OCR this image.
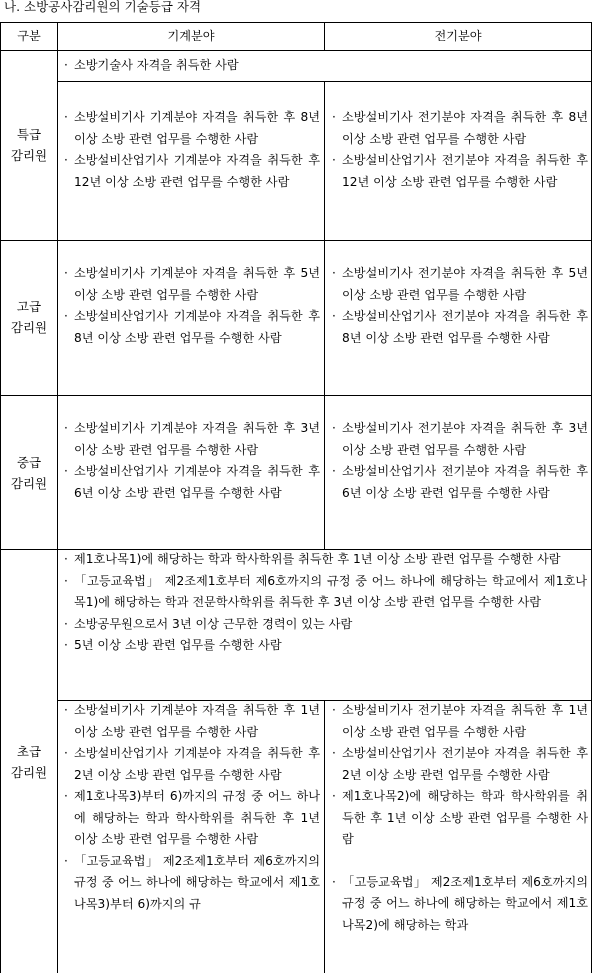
나. 소방공사감리원의 기술등급 자격
구분	기계분야	전기분야
특급
감리원
· 소방기술사 자격을 취득한 사람
· 소방설비기사 기계분야 자격을 취득한 후 8년 이상 소방 관련 업무를 수행한 사람
· 소방설비산업기사 기계분야 자격을 취득한 후 12년 이상 소방 관련 업무를 수행한 사람
· 소방설비기사 전기분야 자격을 취득한 후 8년 이상 소방 관련 업무를 수행한 사람
· 소방설비산업기사 전기분야 자격을 취득한 후 12년 이상 소방 관련 업무를 수행한 사람
고급
감리원
· 소방설비기사 기계분야 자격을 취득한 후 5년 이상 소방 관련 업무를 수행한 사람
· 소방설비산업기사 기계분야 자격을 취득한 후 8년 이상 소방 관련 업무를 수행한 사람
· 소방설비기사 전기분야 자격을 취득한 후 5년 이상 소방 관련 업무를 수행한 사람
· 소방설비산업기사 전기분야 자격을 취득한 후 8년 이상 소방 관련 업무를 수행한 사람
중급
감리원
· 소방설비기사 기계분야 자격을 취득한 후 3년 이상 소방 관련 업무를 수행한 사람
· 소방설비산업기사 기계분야 자격을 취득한 후 6년 이상 소방 관련 업무를 수행한 사람
· 소방설비기사 전기분야 자격을 취득한 후 3년 이상 소방 관련 업무를 수행한 사람
· 소방설비산업기사 전기분야 자격을 취득한 후 6년 이상 소방 관련 업무를 수행한 사람
초급
감리원
· 제1호나목1)에 해당하는 학과 학사학위를 취득한 후 1년 이상 소방 관련 업무를 수행한 사람
· 「고등교육법」 제2조제1호부터 제6호까지의 규정 중 어느 하나에 해당하는 학교에서 제1호나목1)에 해당하는 학과 전문학사학위를 취득한 후 3년 이상 소방 관련 업무를 수행한 사람
· 소방공무원으로서 3년 이상 근무한 경력이 있는 사람
· 5년 이상 소방 관련 업무를 수행한 사람
· 소방설비기사 기계분야 자격을 취득한 후 1년 이상 소방 관련 업무를 수행한 사람
· 소방설비산업기사 기계분야 자격을 취득한 후 2년 이상 소방 관련 업무를 수행한 사람
· 제1호나목3)부터 6)까지의 규정 중 어느 하나에 해당하는 학과 학사학위를 취득한 후 1년 이상 소방 관련 업무를 수행한 사람
· 「고등교육법」 제2조제1호부터 제6호까지의 규정 중 어느 하나에 해당하는 학교에서 제1호나목3)부터 6)까지의 규
· 소방설비기사 전기분야 자격을 취득한 후 1년 이상 소방 관련 업무를 수행한 사람
· 소방설비산업기사 전기분야 자격을 취득한 후 2년 이상 소방 관련 업무를 수행한 사람
· 제1호나목2)에 해당하는 학과 학사학위를 취득한 후 1년 이상 소방 관련 업무를 수행한 사람
· 「고등교육법」 제2조제1호부터 제6호까지의 규정 중 어느 하나에 해당하는 학교에서 제1호나목2)에 해당하는 학과
